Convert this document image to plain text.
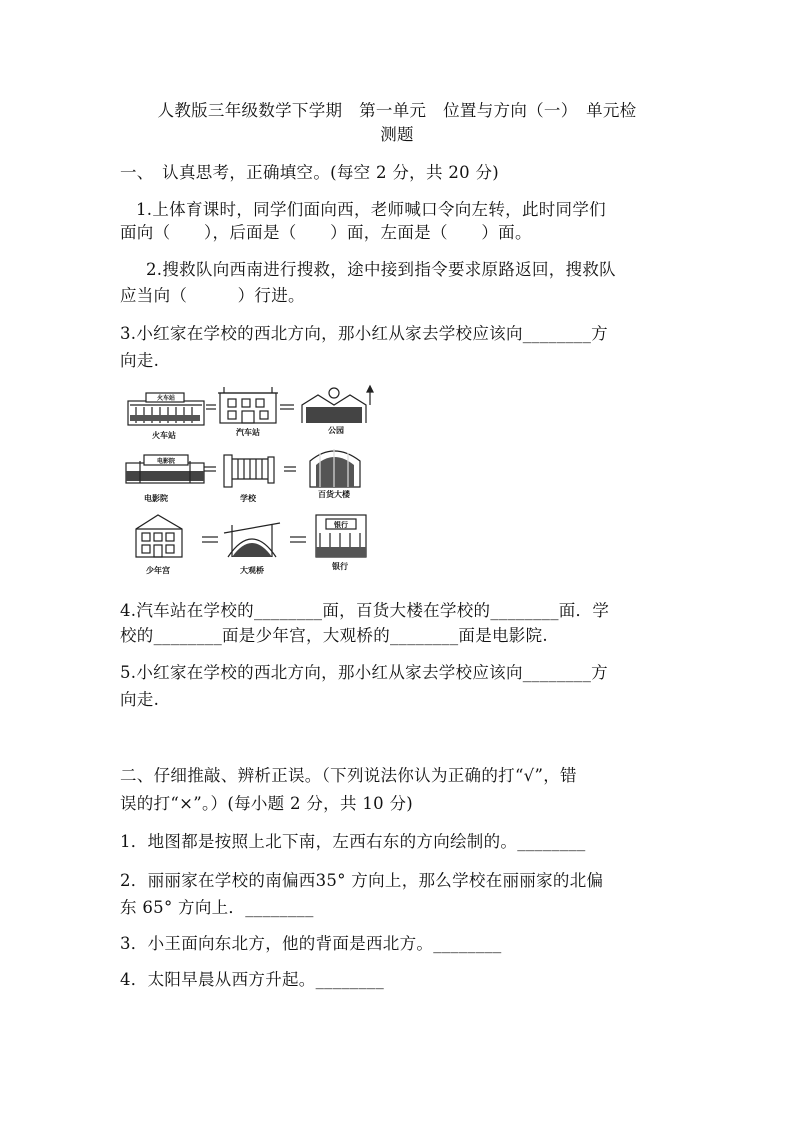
人教版三年级数学下学期　第一单元　位置与方向（一）　单元检
测题
一、　认真思考，正确填空。(每空 2 分，共 20 分)
1.上体育课时，同学们面向西，老师喊口令向左转，此时同学们
面向（　　），后面是（　　）面，左面是（　　）面。
2.搜救队向西南进行搜救，途中接到指令要求原路返回，搜救队
应当向（　　　）行进。
3.小红家在学校的西北方向，那小红从家去学校应该向________方
向走.
火车站
火车站	汽车站	公园
电影院
电影院	学校	百货大楼
少年宫	大观桥
银行
银行
4.汽车站在学校的________面，百货大楼在学校的________面．学
校的________面是少年宫，大观桥的________面是电影院.
5.小红家在学校的西北方向，那小红从家去学校应该向________方
向走.
二、仔细推敲、辨析正误。（下列说法你认为正确的打“√”，错
误的打“×”。）(每小题 2 分，共 10 分)
1．地图都是按照上北下南，左西右东的方向绘制的。________
2．丽丽家在学校的南偏西35° 方向上，那么学校在丽丽家的北偏
东 65° 方向上．________
3．小王面向东北方，他的背面是西北方。________
4．太阳早晨从西方升起。________
